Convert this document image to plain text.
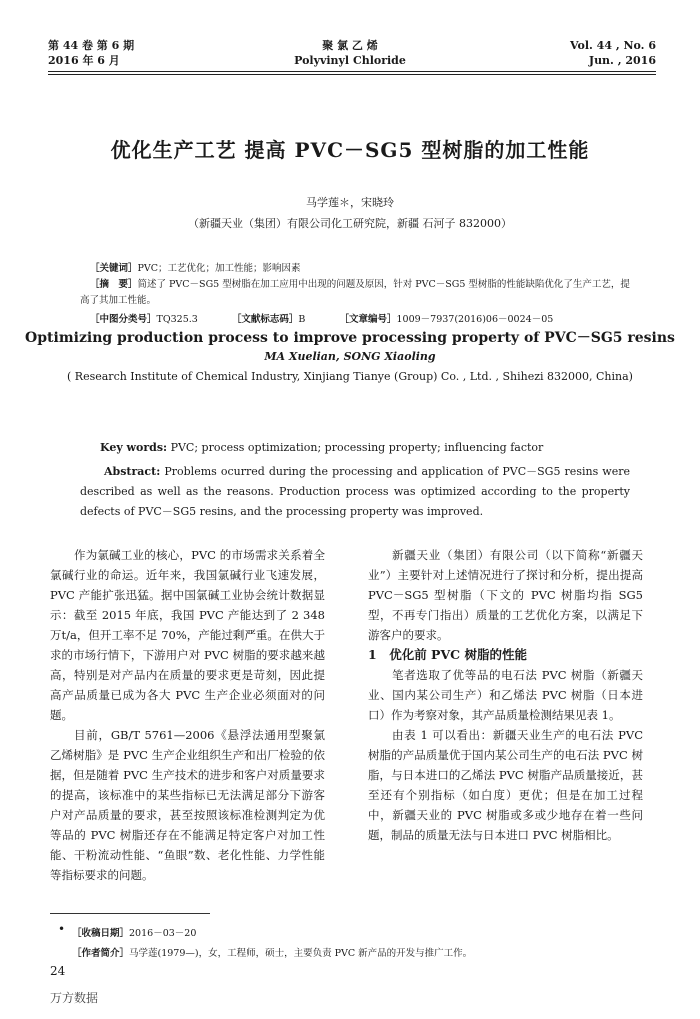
第 44 卷 第 6 期
2016 年 6 月
聚 氯 乙 烯
Polyvinyl Chloride
Vol. 44 , No. 6
Jun. , 2016
优化生产工艺 提高 PVC－SG5 型树脂的加工性能
马学莲＊，宋晓玲
（新疆天业（集团）有限公司化工研究院，新疆 石河子 832000）
［关键词］PVC；工艺优化；加工性能；影响因素
［摘　要］简述了 PVC－SG5 型树脂在加工应用中出现的问题及原因，针对 PVC－SG5 型树脂的性能缺陷优化了生产工艺，提高了其加工性能。
［中图分类号］TQ325.3	［文献标志码］B	［文章编号］1009－7937(2016)06－0024－05
Optimizing production process to improve processing property of PVC－SG5 resins
MA Xuelian, SONG Xiaoling
( Research Institute of Chemical Industry, Xinjiang Tianye (Group) Co. , Ltd. , Shihezi 832000, China)
Key words: PVC; process optimization; processing property; influencing factor
Abstract: Problems ocurred during the processing and application of PVC－SG5 resins were described as well as the reasons. Production process was optimized according to the property defects of PVC－SG5 resins, and the processing property was improved.

作为氯碱工业的核心，PVC 的市场需求关系着全氯碱行业的命运。近年来，我国氯碱行业飞速发展，PVC 产能扩张迅猛。据中国氯碱工业协会统计数据显示：截至 2015 年底，我国 PVC 产能达到了 2 348 万t/a，但开工率不足 70%，产能过剩严重。在供大于求的市场行情下，下游用户对 PVC 树脂的要求越来越高，特别是对产品内在质量的要求更是苛刻，因此提高产品质量已成为各大 PVC 生产企业必须面对的问题。

目前，GB/T 5761—2006《悬浮法通用型聚氯乙烯树脂》是 PVC 生产企业组织生产和出厂检验的依据，但是随着 PVC 生产技术的进步和客户对质量要求的提高，该标准中的某些指标已无法满足部分下游客户对产品质量的要求，甚至按照该标准检测判定为优等品的 PVC 树脂还存在不能满足特定客户对加工性能、干粉流动性能、“鱼眼”数、老化性能、力学性能等指标要求的问题。

新疆天业（集团）有限公司（以下简称“新疆天业”）主要针对上述情况进行了探讨和分析，提出提高 PVC－SG5 型树脂（下文的 PVC 树脂均指 SG5 型，不再专门指出）质量的工艺优化方案，以满足下游客户的要求。

1　优化前 PVC 树脂的性能

笔者选取了优等品的电石法 PVC 树脂（新疆天业、国内某公司生产）和乙烯法 PVC 树脂（日本进口）作为考察对象，其产品质量检测结果见表 1。

由表 1 可以看出：新疆天业生产的电石法 PVC 树脂的产品质量优于国内某公司生产的电石法 PVC 树脂，与日本进口的乙烯法 PVC 树脂产品质量接近，甚至还有个别指标（如白度）更优；但是在加工过程中，新疆天业的 PVC 树脂或多或少地存在着一些问题，制品的质量无法与日本进口 PVC 树脂相比。

• ［收稿日期］2016－03－20
［作者简介］马学莲(1979—)，女，工程师，硕士，主要负责 PVC 新产品的开发与推广工作。
24
万方数据
